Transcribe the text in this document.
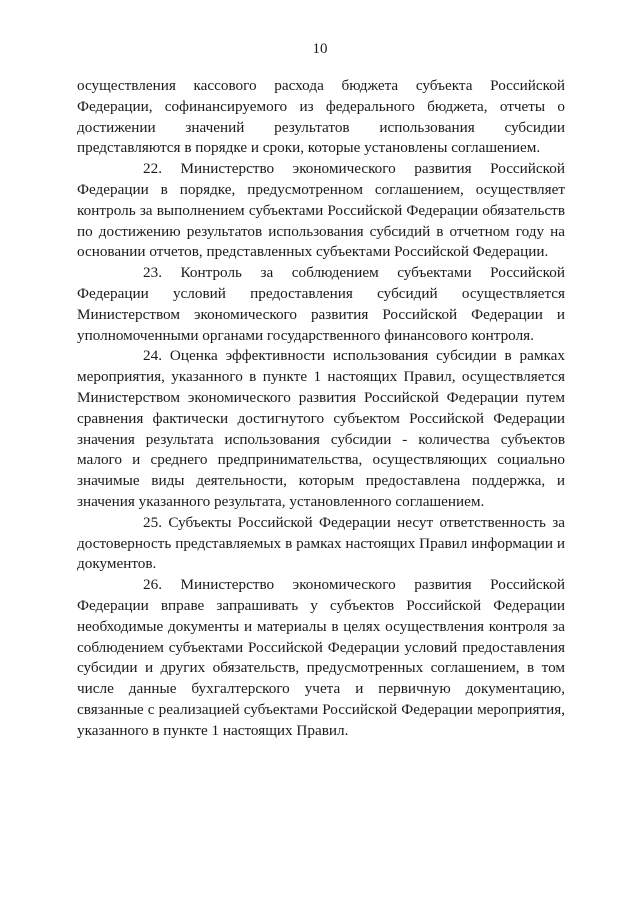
10

осуществления кассового расхода бюджета субъекта Российской Федерации, софинансируемого из федерального бюджета, отчеты о достижении значений результатов использования субсидии представляются в порядке и сроки, которые установлены соглашением.

22. Министерство экономического развития Российской Федерации в порядке, предусмотренном соглашением, осуществляет контроль за выполнением субъектами Российской Федерации обязательств по достижению результатов использования субсидий в отчетном году на основании отчетов, представленных субъектами Российской Федерации.

23. Контроль за соблюдением субъектами Российской Федерации условий предоставления субсидий осуществляется Министерством экономического развития Российской Федерации и уполномоченными органами государственного финансового контроля.

24. Оценка эффективности использования субсидии в рамках мероприятия, указанного в пункте 1 настоящих Правил, осуществляется Министерством экономического развития Российской Федерации путем сравнения фактически достигнутого субъектом Российской Федерации значения результата использования субсидии - количества субъектов малого и среднего предпринимательства, осуществляющих социально значимые виды деятельности, которым предоставлена поддержка, и значения указанного результата, установленного соглашением.

25. Субъекты Российской Федерации несут ответственность за достоверность представляемых в рамках настоящих Правил информации и документов.

26. Министерство экономического развития Российской Федерации вправе запрашивать у субъектов Российской Федерации необходимые документы и материалы в целях осуществления контроля за соблюдением субъектами Российской Федерации условий предоставления субсидии и других обязательств, предусмотренных соглашением, в том числе данные бухгалтерского учета и первичную документацию, связанные с реализацией субъектами Российской Федерации мероприятия, указанного в пункте 1 настоящих Правил.
